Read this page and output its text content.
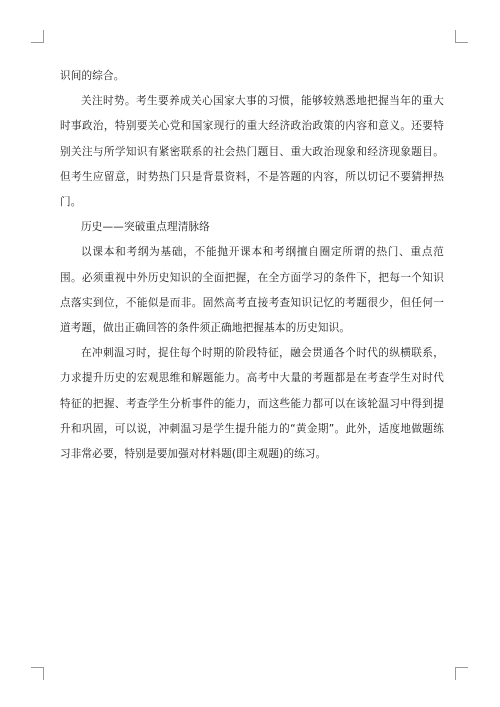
识间的综合。

关注时势。考生要养成关心国家大事的习惯，能够较熟悉地把握当年的重大时事政治，特别要关心党和国家现行的重大经济政治政策的内容和意义。还要特别关注与所学知识有紧密联系的社会热门题目、重大政治现象和经济现象题目。但考生应留意，时势热门只是背景资料，不是答题的内容，所以切记不要猜押热门。

历史——突破重点理清脉络

以课本和考纲为基础，不能抛开课本和考纲擅自圈定所谓的热门、重点范围。必须重视中外历史知识的全面把握，在全方面学习的条件下，把每一个知识点落实到位，不能似是而非。固然高考直接考查知识记忆的考题很少，但任何一道考题，做出正确回答的条件须正确地把握基本的历史知识。

在冲刺温习时，捉住每个时期的阶段特征，融会贯通各个时代的纵横联系，力求提升历史的宏观思维和解题能力。高考中大量的考题都是在考查学生对时代特征的把握、考查学生分析事件的能力，而这些能力都可以在该轮温习中得到提升和巩固，可以说，冲刺温习是学生提升能力的“黄金期”。此外，适度地做题练习非常必要，特别是要加强对材料题(即主观题)的练习。
